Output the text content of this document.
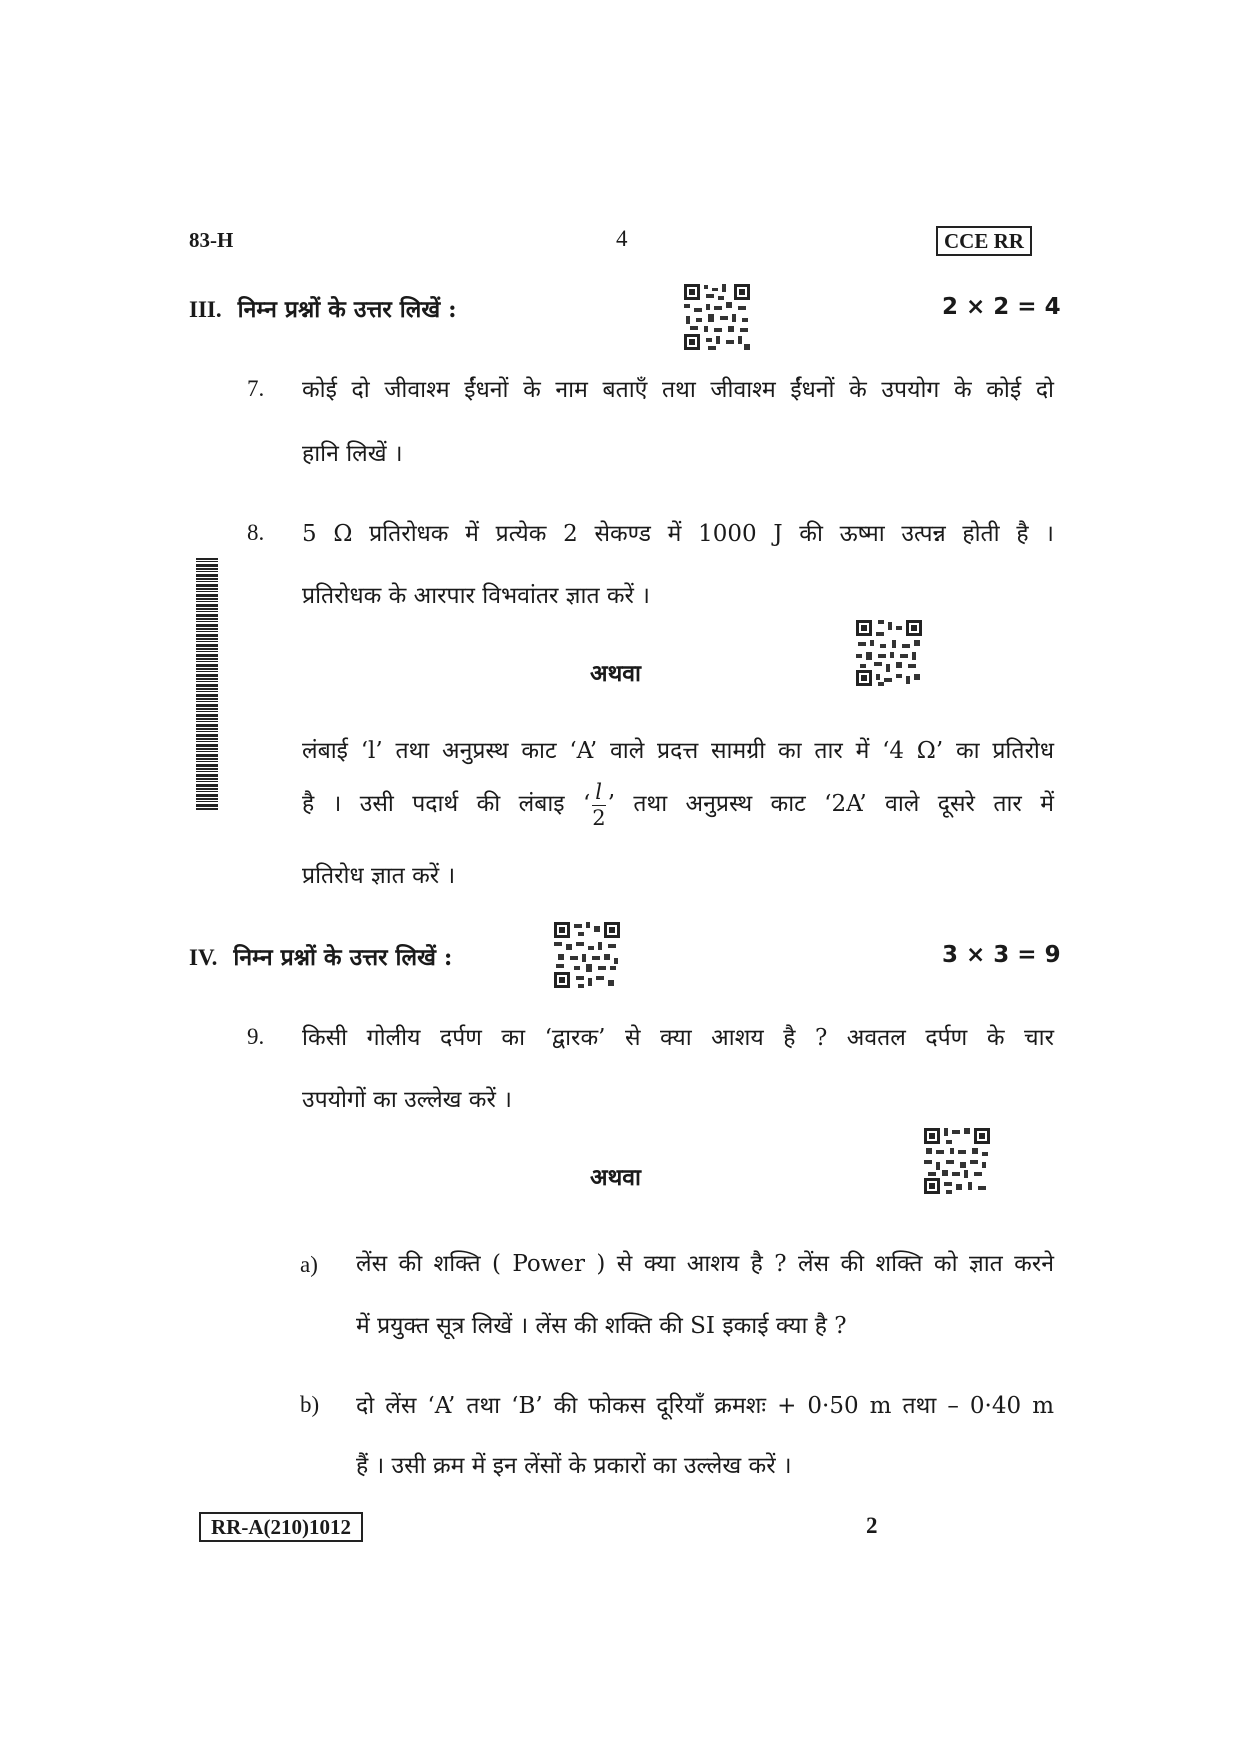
83-H	4	CCE RR
III. निम्न प्रश्नों के उत्तर लिखें :	2 × 2 = 4
7. कोई दो जीवाश्म ईंधनों के नाम बताएँ तथा जीवाश्म ईंधनों के उपयोग के कोई दो
हानि लिखें ।
8. 5 Ω प्रतिरोधक में प्रत्येक 2 सेकण्ड में 1000 J की ऊष्मा उत्पन्न होती है ।
प्रतिरोधक के आरपार विभवांतर ज्ञात करें ।
अथवा
लंबाई ‘l’ तथा अनुप्रस्थ काट ‘A’ वाले प्रदत्त सामग्री का तार में ‘4 Ω’ का प्रतिरोध
है । उसी पदार्थ की लंबाइ ‘ $\frac{l}{2}$ ’ तथा अनुप्रस्थ काट ‘2A’ वाले दूसरे तार में
प्रतिरोध ज्ञात करें ।
IV. निम्न प्रश्नों के उत्तर लिखें :	3 × 3 = 9
9. किसी गोलीय दर्पण का ‘द्वारक’ से क्या आशय है ? अवतल दर्पण के चार
उपयोगों का उल्लेख करें ।
अथवा
a) लेंस की शक्ति ( Power ) से क्या आशय है ? लेंस की शक्ति को ज्ञात करने
में प्रयुक्त सूत्र लिखें । लेंस की शक्ति की SI इकाई क्या है ?
b) दो लेंस ‘A’ तथा ‘B’ की फोकस दूरियाँ क्रमशः + 0·50 m तथा – 0·40 m
हैं । उसी क्रम में इन लेंसों के प्रकारों का उल्लेख करें ।
RR-A(210)1012	2
